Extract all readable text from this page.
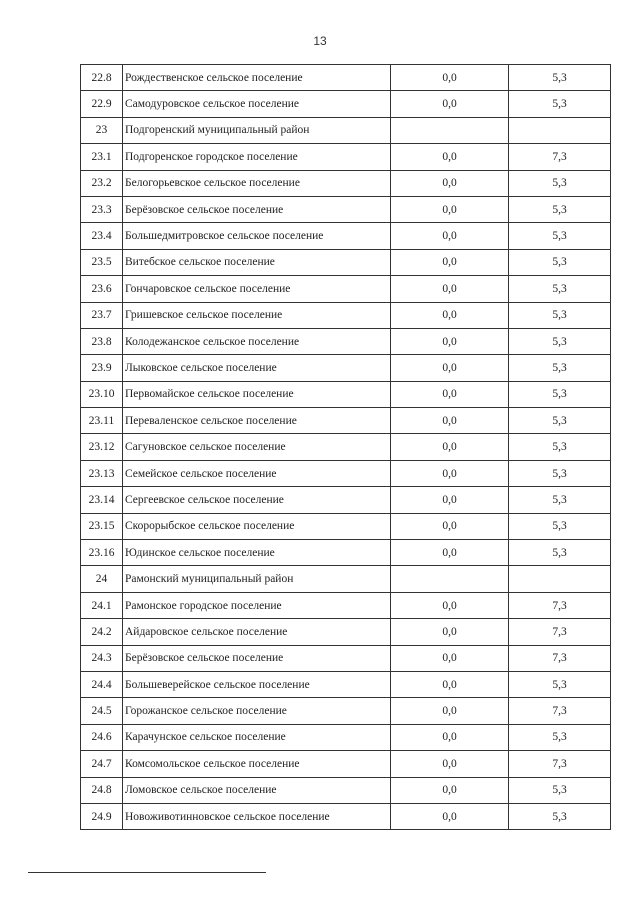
13
22.8	Рождественское сельское поселение	0,0	5,3
22.9	Самодуровское сельское поселение	0,0	5,3
23	Подгоренский муниципальный район		
23.1	Подгоренское городское поселение	0,0	7,3
23.2	Белогорьевское сельское поселение	0,0	5,3
23.3	Берёзовское сельское поселение	0,0	5,3
23.4	Большедмитровское сельское поселение	0,0	5,3
23.5	Витебское сельское поселение	0,0	5,3
23.6	Гончаровское сельское поселение	0,0	5,3
23.7	Гришевское сельское поселение	0,0	5,3
23.8	Колодежанское сельское поселение	0,0	5,3
23.9	Лыковское сельское поселение	0,0	5,3
23.10	Первомайское сельское поселение	0,0	5,3
23.11	Переваленское сельское поселение	0,0	5,3
23.12	Сагуновское сельское поселение	0,0	5,3
23.13	Семейское сельское поселение	0,0	5,3
23.14	Сергеевское сельское поселение	0,0	5,3
23.15	Скорорыбское сельское поселение	0,0	5,3
23.16	Юдинское сельское поселение	0,0	5,3
24	Рамонский муниципальный район		
24.1	Рамонское городское поселение	0,0	7,3
24.2	Айдаровское сельское поселение	0,0	7,3
24.3	Берёзовское сельское поселение	0,0	7,3
24.4	Большеверейское сельское поселение	0,0	5,3
24.5	Горожанское сельское поселение	0,0	7,3
24.6	Карачунское сельское поселение	0,0	5,3
24.7	Комсомольское сельское поселение	0,0	7,3
24.8	Ломовское сельское поселение	0,0	5,3
24.9	Новоживотинновское сельское поселение	0,0	5,3
